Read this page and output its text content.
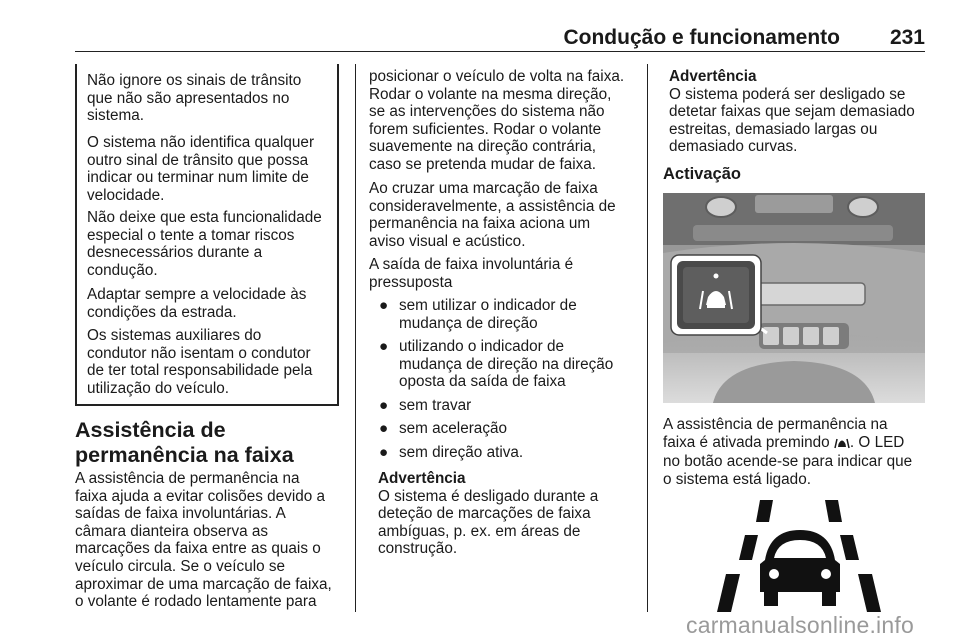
Condução e funcionamento 231

Não ignore os sinais de trânsito

que não são apresentados no

sistema.

O sistema não identifica qualquer

outro sinal de trânsito que possa

indicar ou terminar num limite de

velocidade.

Não deixe que esta funcionalidade

especial o tente a tomar riscos

desnecessários durante a

condução.

Adaptar sempre a velocidade às

condições da estrada.

Os sistemas auxiliares do

condutor não isentam o condutor

de ter total responsabilidade pela

utilização do veículo.

Assistência de

permanência na faixa

A assistência de permanência na

faixa ajuda a evitar colisões devido a

saídas de faixa involuntárias. A

câmara dianteira observa as

marcações da faixa entre as quais o

veículo circula. Se o veículo se

aproximar de uma marcação de faixa,

o volante é rodado lentamente para

posicionar o veículo de volta na faixa.

Rodar o volante na mesma direção,

se as intervenções do sistema não

forem suficientes. Rodar o volante

suavemente na direção contrária,

caso se pretenda mudar de faixa.

Ao cruzar uma marcação de faixa

consideravelmente, a assistência de

permanência na faixa aciona um

aviso visual e acústico.

A saída de faixa involuntária é

pressuposta

● sem utilizar o indicador de

mudança de direção

● utilizando o indicador de

mudança de direção na direção

oposta da saída de faixa

● sem travar

● sem aceleração

● sem direção ativa.

Advertência

O sistema é desligado durante a

deteção de marcações de faixa

ambíguas, p. ex. em áreas de

construção.

Advertência

O sistema poderá ser desligado se

detetar faixas que sejam demasiado

estreitas, demasiado largas ou

demasiado curvas.

Activação

A assistência de permanência na

faixa é ativada premindo . O LED

no botão acende-se para indicar que

o sistema está ligado.

carmanualsonline.info
